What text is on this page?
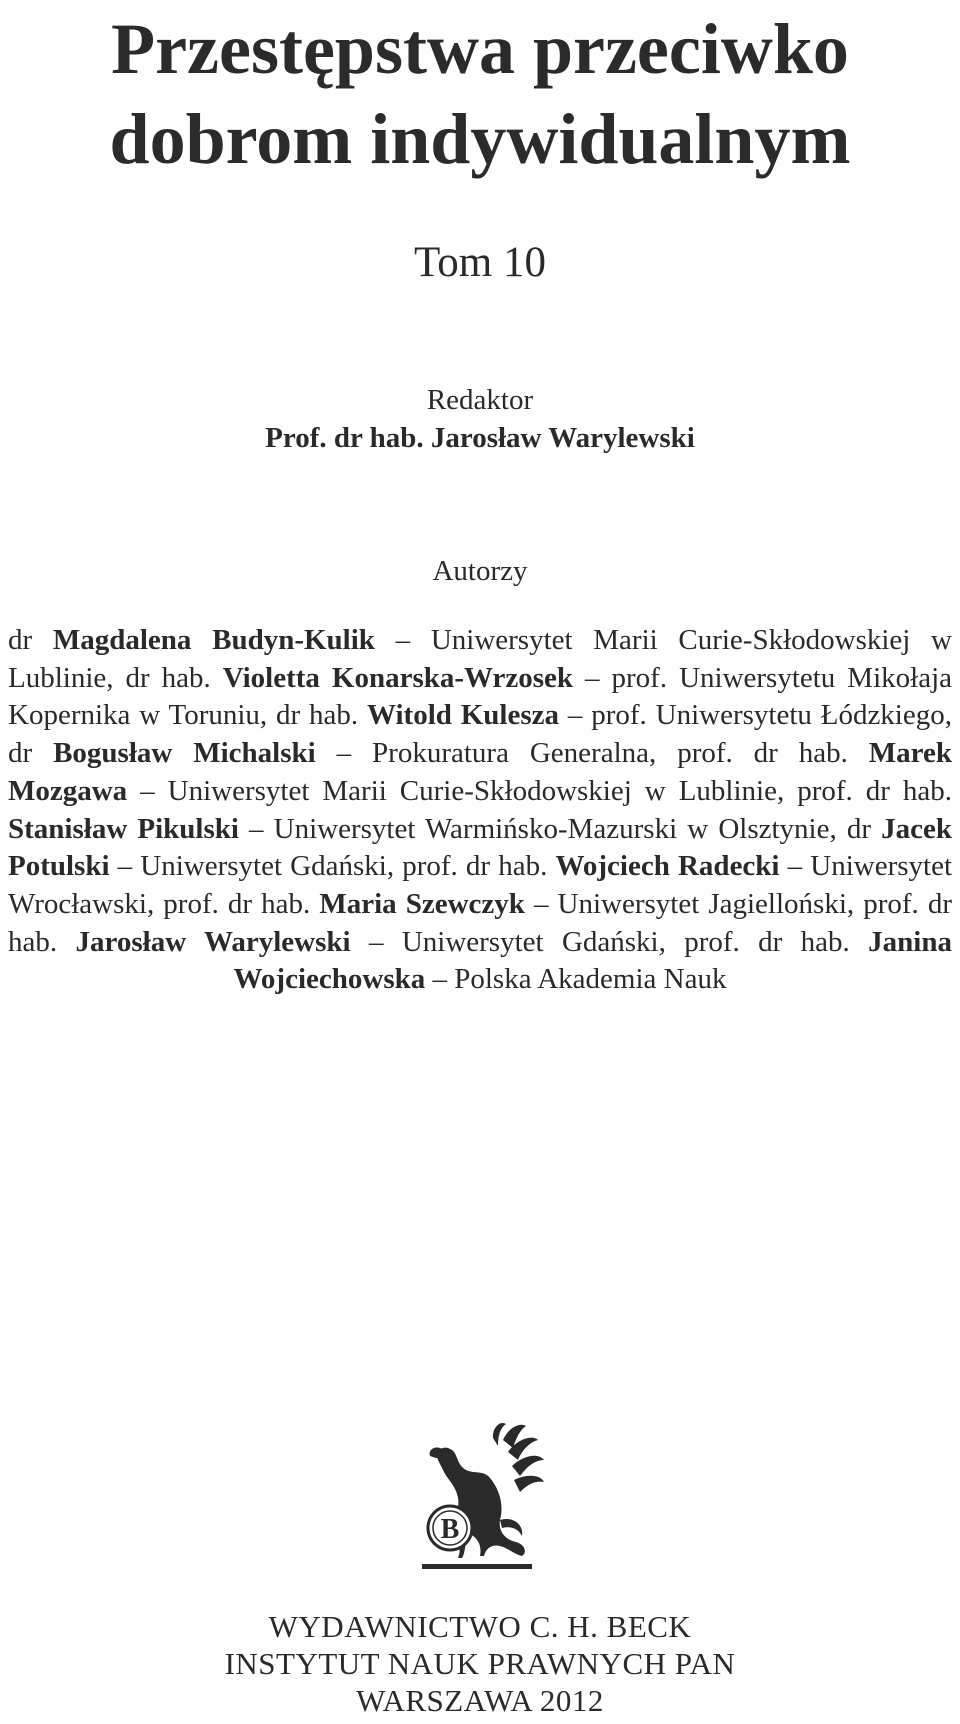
Przestępstwa przeciwko
dobrom indywidualnym
Tom 10
Redaktor
Prof. dr hab. Jarosław Warylewski
Autorzy
dr Magdalena Budyn-Kulik – Uniwersytet Marii Curie-Skłodowskiej w Lublinie, dr hab. Violetta Konarska-Wrzosek – prof. Uniwersytetu Mikołaja Kopernika w Toruniu, dr hab. Witold Kulesza – prof. Uniwersytetu Łódzkiego, dr Bogusław Michalski – Prokuratura Generalna, prof. dr hab. Marek Mozgawa – Uniwersytet Marii Curie-Skłodowskiej w Lublinie, prof. dr hab. Stanisław Pikulski – Uniwersytet Warmińsko-Mazurski w Olsztynie, dr Jacek Potulski – Uniwersytet Gdański, prof. dr hab. Wojciech Radecki – Uniwersytet Wrocławski, prof. dr hab. Maria Szewczyk – Uniwersytet Jagielloński, prof. dr hab. Jarosław Warylewski – Uniwersytet Gdański, prof. dr hab. Janina Wojciechowska – Polska Akademia Nauk
B
WYDAWNICTWO C. H. BECK
INSTYTUT NAUK PRAWNYCH PAN
WARSZAWA 2012
